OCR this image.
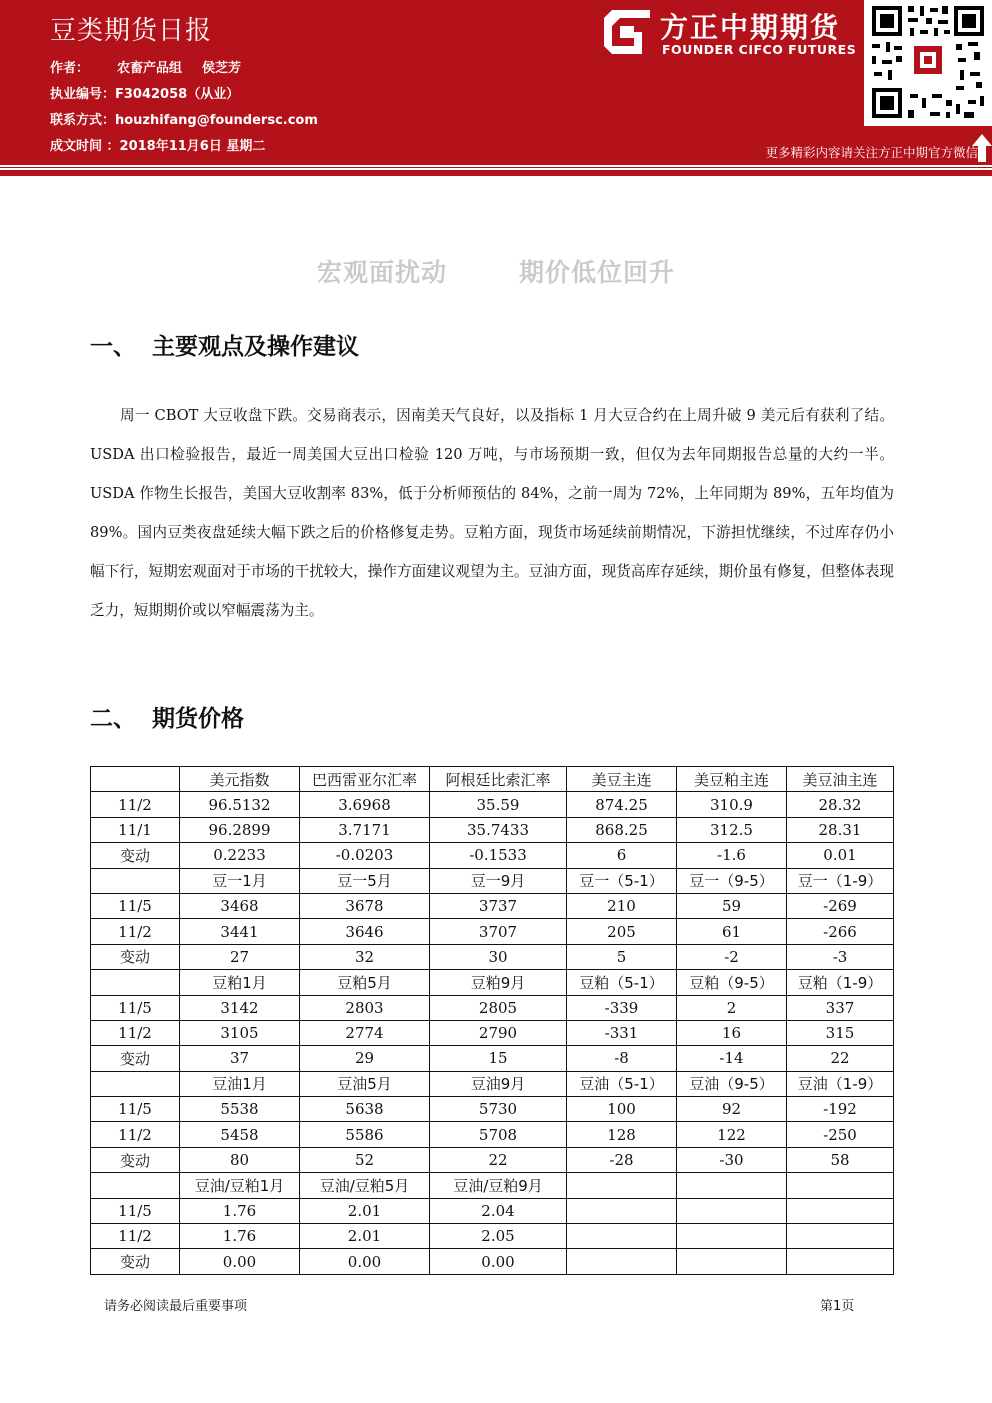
豆类期货日报
作者： 农畜产品组 侯芝芳
执业编号：F3042058（从业）
联系方式：houzhifang@foundersc.com
成文时间 ：2018年11月6日 星期二
方正中期期货
FOUNDER CIFCO FUTURES
更多精彩内容请关注方正中期官方微信
宏观面扰动	期价低位回升
一、 主要观点及操作建议
周一 CBOT 大豆收盘下跌。交易商表示，因南美天气良好，以及指标 1 月大豆合约在上周升破 9 美元后有获利了结。USDA 出口检验报告，最近一周美国大豆出口检验 120 万吨，与市场预期一致，但仅为去年同期报告总量的大约一半。USDA 作物生长报告，美国大豆收割率 83%，低于分析师预估的 84%，之前一周为 72%，上年同期为 89%，五年均值为 89%。国内豆类夜盘延续大幅下跌之后的价格修复走势。豆粕方面，现货市场延续前期情况，下游担忧继续，不过库存仍小幅下行，短期宏观面对于市场的干扰较大，操作方面建议观望为主。豆油方面，现货高库存延续，期价虽有修复，但整体表现乏力，短期期价或以窄幅震荡为主。
二、 期货价格
	美元指数	巴西雷亚尔汇率	阿根廷比索汇率	美豆主连	美豆粕主连	美豆油主连
11/2	96.5132	3.6968	35.59	874.25	310.9	28.32
11/1	96.2899	3.7171	35.7433	868.25	312.5	28.31
变动	0.2233	-0.0203	-0.1533	6	-1.6	0.01
	豆一1月	豆一5月	豆一9月	豆一（5-1）	豆一（9-5）	豆一（1-9）
11/5	3468	3678	3737	210	59	-269
11/2	3441	3646	3707	205	61	-266
变动	27	32	30	5	-2	-3
	豆粕1月	豆粕5月	豆粕9月	豆粕（5-1）	豆粕（9-5）	豆粕（1-9）
11/5	3142	2803	2805	-339	2	337
11/2	3105	2774	2790	-331	16	315
变动	37	29	15	-8	-14	22
	豆油1月	豆油5月	豆油9月	豆油（5-1）	豆油（9-5）	豆油（1-9）
11/5	5538	5638	5730	100	92	-192
11/2	5458	5586	5708	128	122	-250
变动	80	52	22	-28	-30	58
	豆油/豆粕1月	豆油/豆粕5月	豆油/豆粕9月			
11/5	1.76	2.01	2.04			
11/2	1.76	2.01	2.05			
变动	0.00	0.00	0.00			
请务必阅读最后重要事项	第1页
